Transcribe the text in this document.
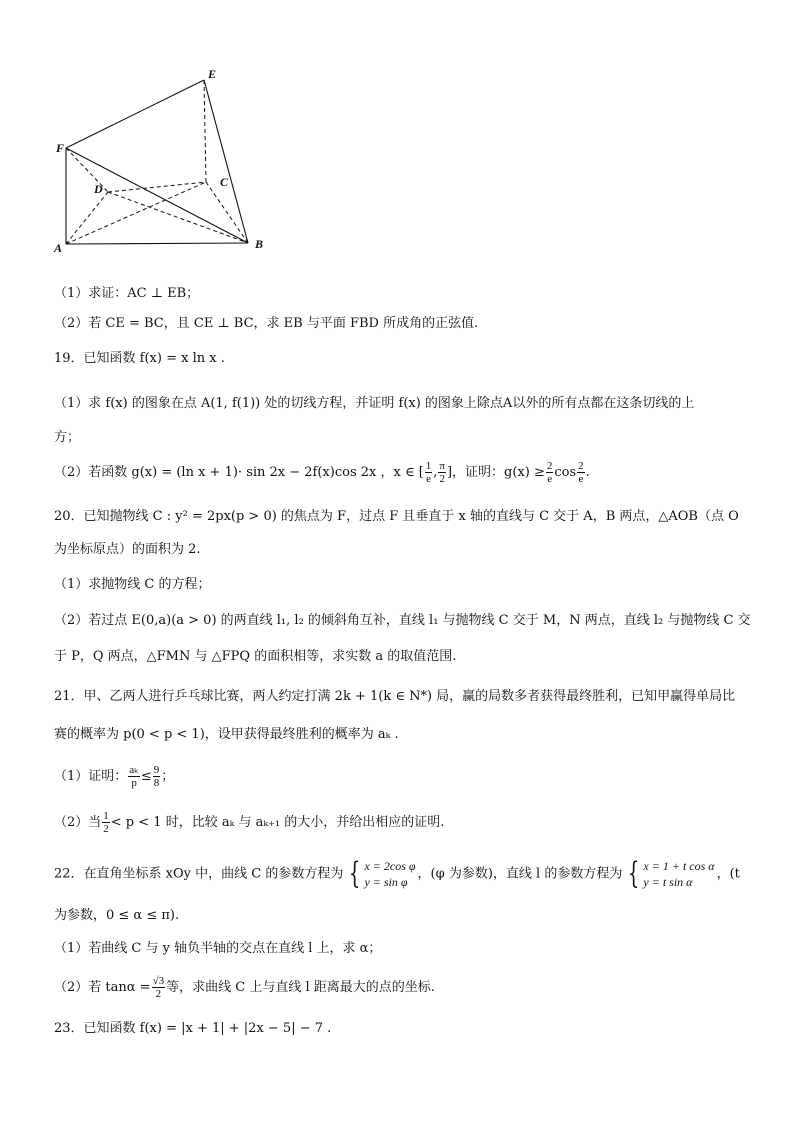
E
F
D	C
A	B
（1）求证：AC ⊥ EB；
（2）若 CE = BC，且 CE ⊥ BC，求 EB 与平面 FBD 所成角的正弦值.
19．已知函数 f(x) = x ln x .
（1）求 f(x) 的图象在点 A(1, f(1)) 处的切线方程，并证明 f(x) 的图象上除点A以外的所有点都在这条切线的上
方；
（2）若函数 g(x) = (ln x + 1)· sin 2x − 2f(x)cos 2x ，x ∈ [ $\frac{1}{e}$ , $\frac{\pi}{2}$ ]，证明：$g(x) \ge \frac{2}{e}$ $\cos \frac{2}{e}$ .
20．已知抛物线 C : y² = 2px(p > 0) 的焦点为 F，过点 F 且垂直于 x 轴的直线与 C 交于 A，B 两点，△AOB（点 O
为坐标原点）的面积为 2.
（1）求抛物线 C 的方程；
（2）若过点 E(0,a)(a > 0) 的两直线 l₁, l₂ 的倾斜角互补，直线 l₁ 与抛物线 C 交于 M，N 两点，直线 l₂ 与抛物线 C 交
于 P，Q 两点，△FMN 与 △FPQ 的面积相等，求实数 a 的取值范围.
21．甲、乙两人进行乒乓球比赛，两人约定打满 2k + 1(k ∈ N*) 局，赢的局数多者获得最终胜利，已知甲赢得单局比
赛的概率为 p(0 < p < 1)，设甲获得最终胜利的概率为 aₖ .
（1）证明： $\frac{\text{aₖ}}{p} \le \frac{9}{8}$ ；
（2）当 $\frac{1}{2} < p < 1$ 时，比较 aₖ 与 aₖ₊₁ 的大小，并给出相应的证明.
22．在直角坐标系 xOy 中，曲线 C 的参数方程为 { x = 2cos φ
y = sin φ
，(φ 为参数)，直线 l 的参数方程为 { x = 1 + t cos α
y = t sin α
，(t
为参数，0 ≤ α ≤ π).
（1）若曲线 C 与 y 轴负半轴的交点在直线 l 上，求 α；
（2）若 $\tan\alpha = \frac{√3}{2}$ 等，求曲线 C 上与直线 l 距离最大的点的坐标.
23．已知函数 f(x) = |x + 1| + |2x − 5| − 7 .
